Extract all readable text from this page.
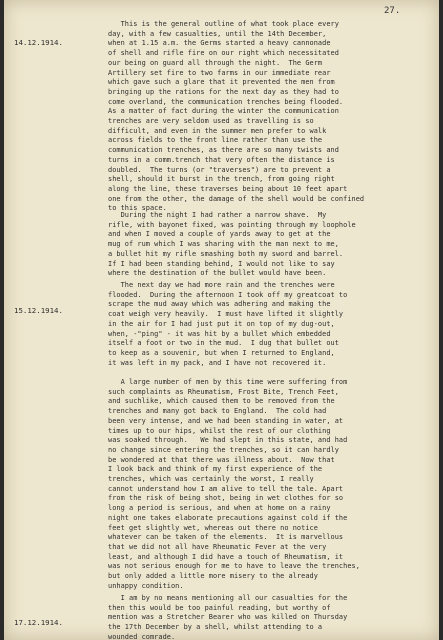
27.
14.12.1914.
This is the general outline of what took place every
day, with a few casualties, until the 14th December,
when at 1.15 a.m. the Germs started a heavy cannonade
of shell and rifle fire on our right which necessitated
our being on guard all through the night.  The Germ
Artillery set fire to two farms in our immediate rear
which gave such a glare that it prevented the men from
bringing up the rations for the next day as they had to
come overland, the communication trenches being flooded.
As a matter of fact during the winter the communication
trenches are very seldom used as travelling is so
difficult, and even in the summer men prefer to walk
across fields to the front line rather than use the
communication trenches, as there are so many twists and
turns in a comm.trench that very often the distance is
doubled.  The turns (or "traverses") are to prevent a
shell, should it burst in the trench, from going right
along the line, these traverses being about 10 feet apart
one from the other, the damage of the shell would be confined
to this space.
During the night I had rather a narrow shave.  My
rifle, with bayonet fixed, was pointing through my loophole
and when I moved a couple of yards away to get at the
mug of rum which I was sharing with the man next to me,
a bullet hit my rifle smashing both my sword and barrel.
If I had been standing behind, I would not like to say
where the destination of the bullet would have been.
15.12.1914.
The next day we had more rain and the trenches were
flooded.  During the afternoon I took off my greatcoat to
scrape the mud away which was adhering and making the
coat weigh very heavily.  I must have lifted it slightly
in the air for I had just put it on top of my dug-out,
when, -"ping" - it was hit by a bullet which embedded
itself a foot or two in the mud.  I dug that bullet out
to keep as a souvenir, but when I returned to England,
it was left in my pack, and I have not recovered it.
A large number of men by this time were suffering from
such complaints as Rheumatism, Frost Bite, Trench Feet,
and suchlike, which caused them to be removed from the
trenches and many got back to England.  The cold had
been very intense, and we had been standing in water, at
times up to our hips, whilst the rest of our clothing
was soaked through.   We had slept in this state, and had
no change since entering the trenches, so it can hardly
be wondered at that there was illness about.  Now that
I look back and think of my first experience of the
trenches, which was certainly the worst, I really
cannot understand how I am alive to tell the tale. Apart
from the risk of being shot, being in wet clothes for so
long a period is serious, and when at home on a rainy
night one takes elaborate precautions against cold if the
feet get slightly wet, whereas out there no notice
whatever can be taken of the elements.  It is marvellous
that we did not all have Rheumatic Fever at the very
least, and although I did have a touch of Rheumatism, it
was not serious enough for me to have to leave the trenches,
but only added a little more misery to the already
unhappy condition.
I am by no means mentioning all our casualties for the
then this would be too painful reading, but worthy of
mention was a Stretcher Bearer who was killed on Thursday
the 17th December by a shell, whilst attending to a
wounded comrade.
17.12.1914.
